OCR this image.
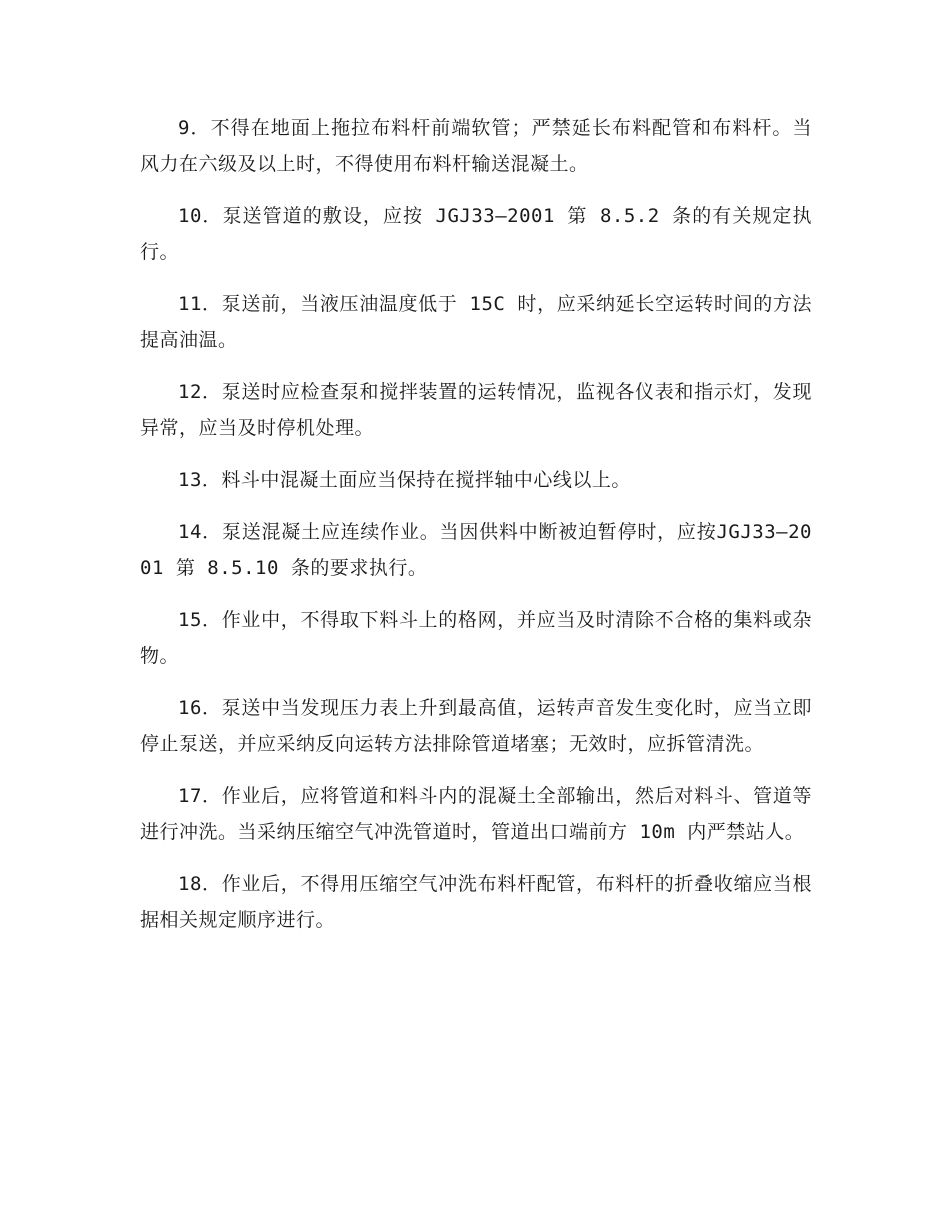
9．不得在地面上拖拉布料杆前端软管；严禁延长布料配管和布料杆。当风力在六级及以上时，不得使用布料杆输送混凝土。

10．泵送管道的敷设，应按 JGJ33—2001 第 8.5.2 条的有关规定执行。

11．泵送前，当液压油温度低于 15C 时，应采纳延长空运转时间的方法提高油温。

12．泵送时应检查泵和搅拌装置的运转情况，监视各仪表和指示灯，发现异常，应当及时停机处理。

13．料斗中混凝土面应当保持在搅拌轴中心线以上。

14．泵送混凝土应连续作业。当因供料中断被迫暂停时，应按JGJ33—2001 第 8.5.10 条的要求执行。

15．作业中，不得取下料斗上的格网，并应当及时清除不合格的集料或杂物。

16．泵送中当发现压力表上升到最高值，运转声音发生变化时，应当立即停止泵送，并应采纳反向运转方法排除管道堵塞；无效时，应拆管清洗。

17．作业后，应将管道和料斗内的混凝土全部输出，然后对料斗、管道等进行冲洗。当采纳压缩空气冲洗管道时，管道出口端前方 10m 内严禁站人。

18．作业后，不得用压缩空气冲洗布料杆配管，布料杆的折叠收缩应当根据相关规定顺序进行。
